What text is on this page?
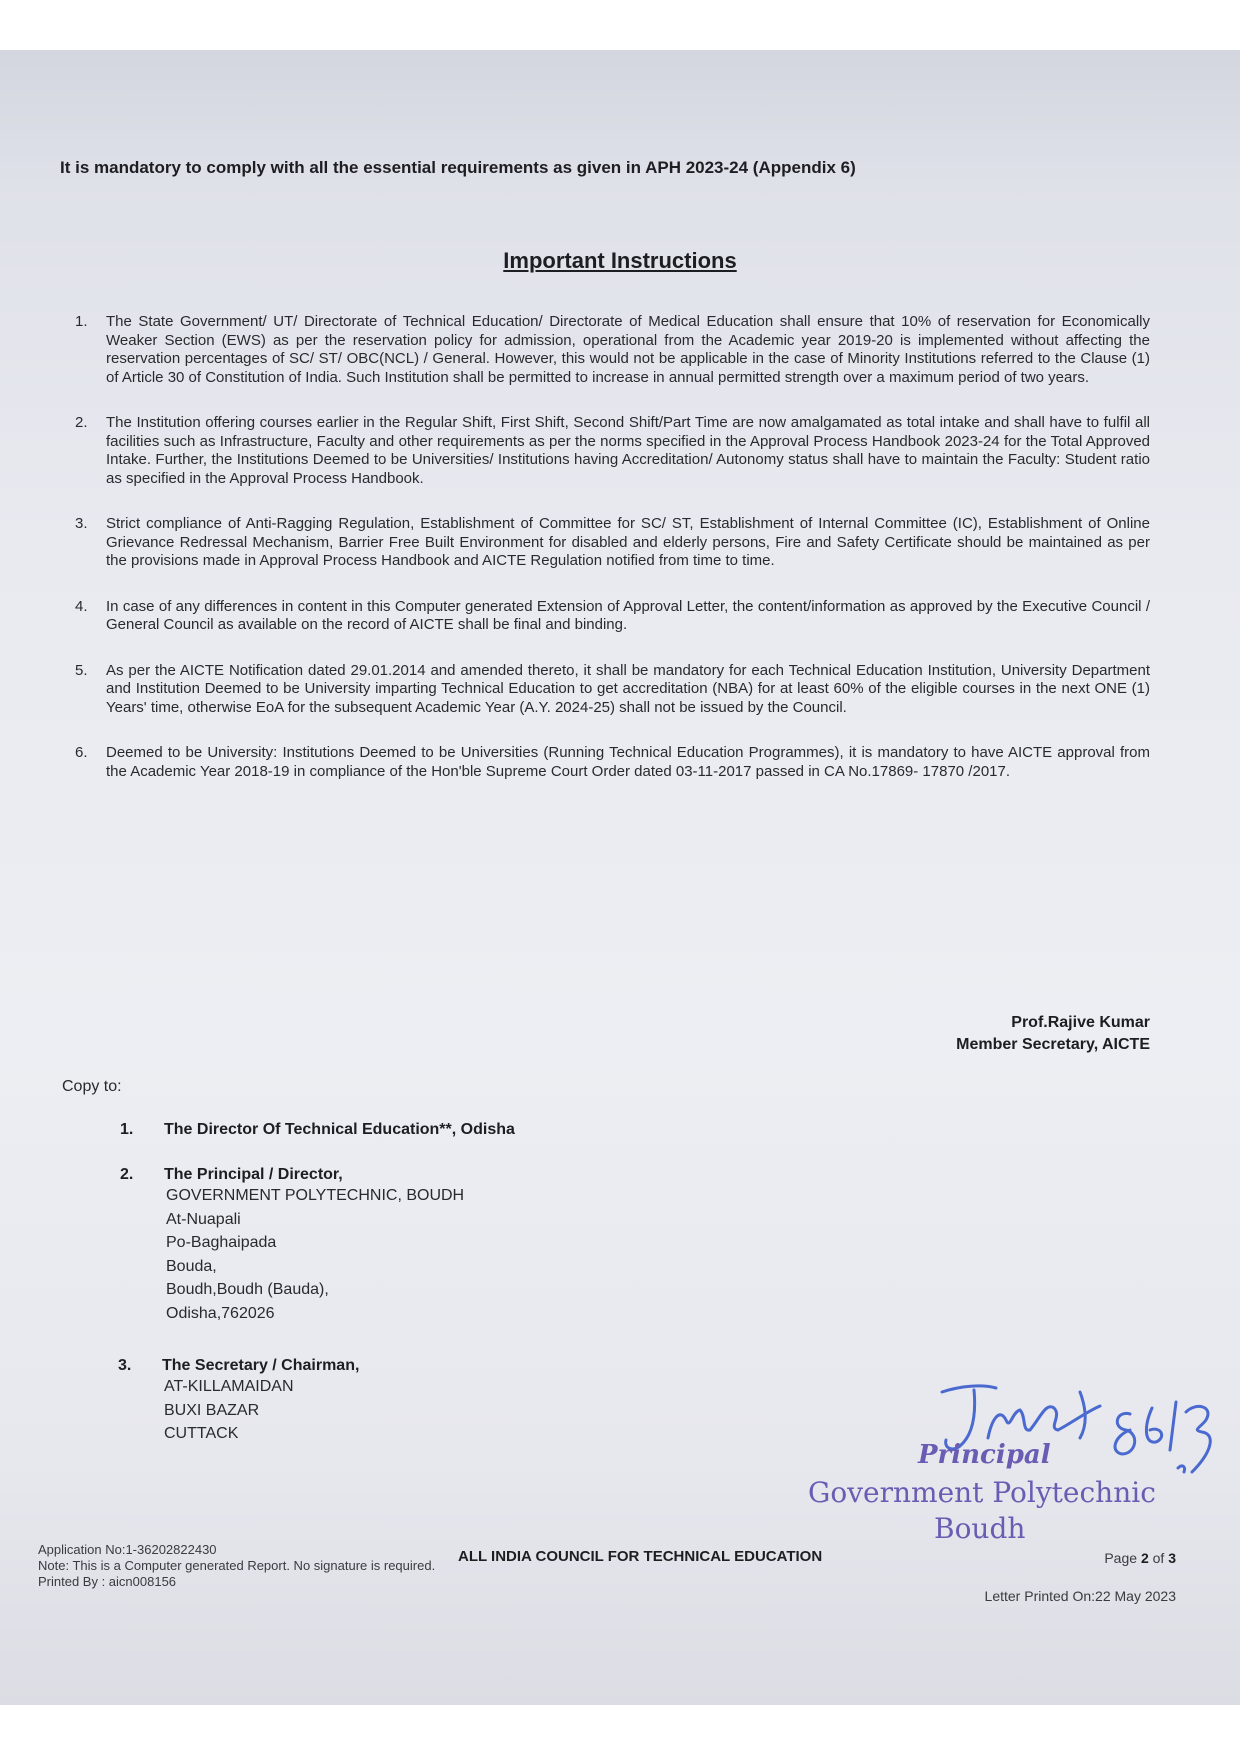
It is mandatory to comply with all the essential requirements as given in APH 2023-24 (Appendix 6)
Important Instructions
1.	The State Government/ UT/ Directorate of Technical Education/ Directorate of Medical Education shall ensure that 10% of reservation for Economically Weaker Section (EWS) as per the reservation policy for admission, operational from the Academic year 2019-20 is implemented without affecting the reservation percentages of SC/ ST/ OBC(NCL) / General. However, this would not be applicable in the case of Minority Institutions referred to the Clause (1) of Article 30 of Constitution of India. Such Institution shall be permitted to increase in annual permitted strength over a maximum period of two years.
2.	The Institution offering courses earlier in the Regular Shift, First Shift, Second Shift/Part Time are now amalgamated as total intake and shall have to fulfil all facilities such as Infrastructure, Faculty and other requirements as per the norms specified in the Approval Process Handbook 2023-24 for the Total Approved Intake. Further, the Institutions Deemed to be Universities/ Institutions having Accreditation/ Autonomy status shall have to maintain the Faculty: Student ratio as specified in the Approval Process Handbook.
3.	Strict compliance of Anti-Ragging Regulation, Establishment of Committee for SC/ ST, Establishment of Internal Committee (IC), Establishment of Online Grievance Redressal Mechanism, Barrier Free Built Environment for disabled and elderly persons, Fire and Safety Certificate should be maintained as per the provisions made in Approval Process Handbook and AICTE Regulation notified from time to time.
4.	In case of any differences in content in this Computer generated Extension of Approval Letter, the content/information as approved by the Executive Council / General Council as available on the record of AICTE shall be final and binding.
5.	As per the AICTE Notification dated 29.01.2014 and amended thereto, it shall be mandatory for each Technical Education Institution, University Department and Institution Deemed to be University imparting Technical Education to get accreditation (NBA) for at least 60% of the eligible courses in the next ONE (1) Years' time, otherwise EoA for the subsequent Academic Year (A.Y. 2024-25) shall not be issued by the Council.
6.	Deemed to be University: Institutions Deemed to be Universities (Running Technical Education Programmes), it is mandatory to have AICTE approval from the Academic Year 2018-19 in compliance of the Hon'ble Supreme Court Order dated 03-11-2017 passed in CA No.17869- 17870 /2017.
Prof.Rajive Kumar
Member Secretary, AICTE
Copy to:
1. The Director Of Technical Education**, Odisha
2. The Principal / Director,
GOVERNMENT POLYTECHNIC, BOUDH
At-Nuapali
Po-Baghaipada
Bouda,
Boudh,Boudh (Bauda),
Odisha,762026
3. The Secretary / Chairman,
AT-KILLAMAIDAN
BUXI BAZAR
CUTTACK
Principal
Government Polytechnic
Boudh
Application No:1-36202822430
Note: This is a Computer generated Report. No signature is required.
Printed By : aicn008156
ALL INDIA COUNCIL FOR TECHNICAL EDUCATION	Page 2 of 3
Letter Printed On:22 May 2023
